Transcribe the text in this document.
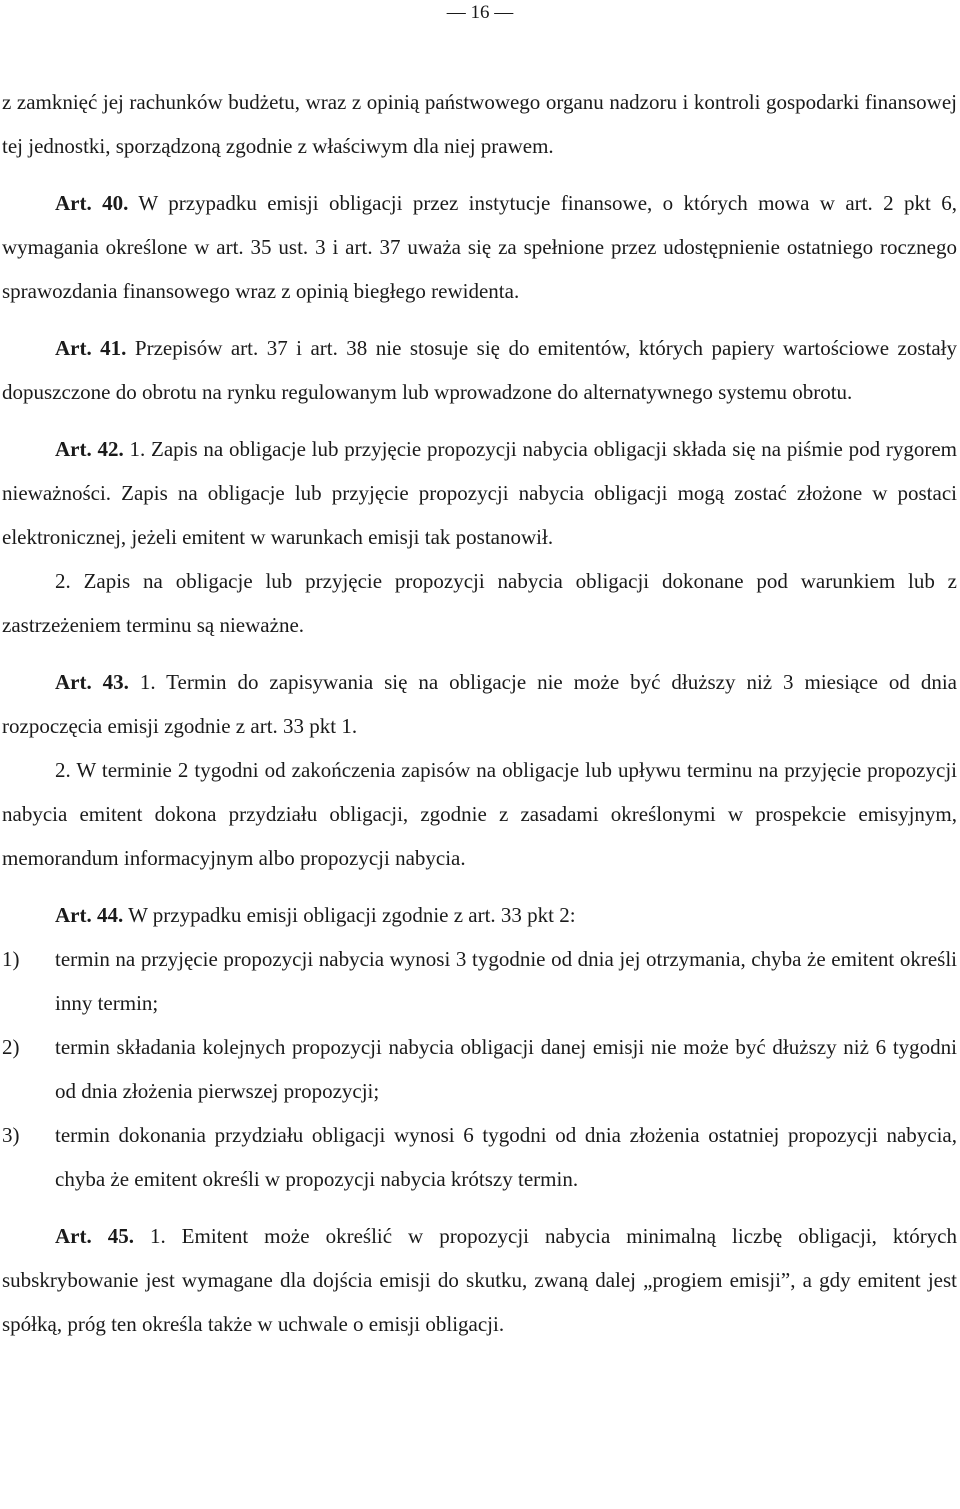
— 16 —

z zamknięć jej rachunków budżetu, wraz z opinią państwowego organu nadzoru i kontroli gospodarki finansowej tej jednostki, sporządzoną zgodnie z właściwym dla niej prawem.

Art. 40. W przypadku emisji obligacji przez instytucje finansowe, o których mowa w art. 2 pkt 6, wymagania określone w art. 35 ust. 3 i art. 37 uważa się za spełnione przez udostępnienie ostatniego rocznego sprawozdania finansowego wraz z opinią biegłego rewidenta.

Art. 41. Przepisów art. 37 i art. 38 nie stosuje się do emitentów, których papiery wartościowe zostały dopuszczone do obrotu na rynku regulowanym lub wprowadzone do alternatywnego systemu obrotu.

Art. 42. 1. Zapis na obligacje lub przyjęcie propozycji nabycia obligacji składa się na piśmie pod rygorem nieważności. Zapis na obligacje lub przyjęcie propozycji nabycia obligacji mogą zostać złożone w postaci elektronicznej, jeżeli emitent w warunkach emisji tak postanowił.

2. Zapis na obligacje lub przyjęcie propozycji nabycia obligacji dokonane pod warunkiem lub z zastrzeżeniem terminu są nieważne.

Art. 43. 1. Termin do zapisywania się na obligacje nie może być dłuższy niż 3 miesiące od dnia rozpoczęcia emisji zgodnie z art. 33 pkt 1.

2. W terminie 2 tygodni od zakończenia zapisów na obligacje lub upływu terminu na przyjęcie propozycji nabycia emitent dokona przydziału obligacji, zgodnie z zasadami określonymi w prospekcie emisyjnym, memorandum informacyjnym albo propozycji nabycia.

Art. 44. W przypadku emisji obligacji zgodnie z art. 33 pkt 2:

1)	termin na przyjęcie propozycji nabycia wynosi 3 tygodnie od dnia jej otrzymania, chyba że emitent określi inny termin;
2)	termin składania kolejnych propozycji nabycia obligacji danej emisji nie może być dłuższy niż 6 tygodni od dnia złożenia pierwszej propozycji;
3)	termin dokonania przydziału obligacji wynosi 6 tygodni od dnia złożenia ostatniej propozycji nabycia, chyba że emitent określi w propozycji nabycia krótszy termin.

Art. 45. 1. Emitent może określić w propozycji nabycia minimalną liczbę obligacji, których subskrybowanie jest wymagane dla dojścia emisji do skutku, zwaną dalej „progiem emisji”, a gdy emitent jest spółką, próg ten określa także w uchwale o emisji obligacji.
